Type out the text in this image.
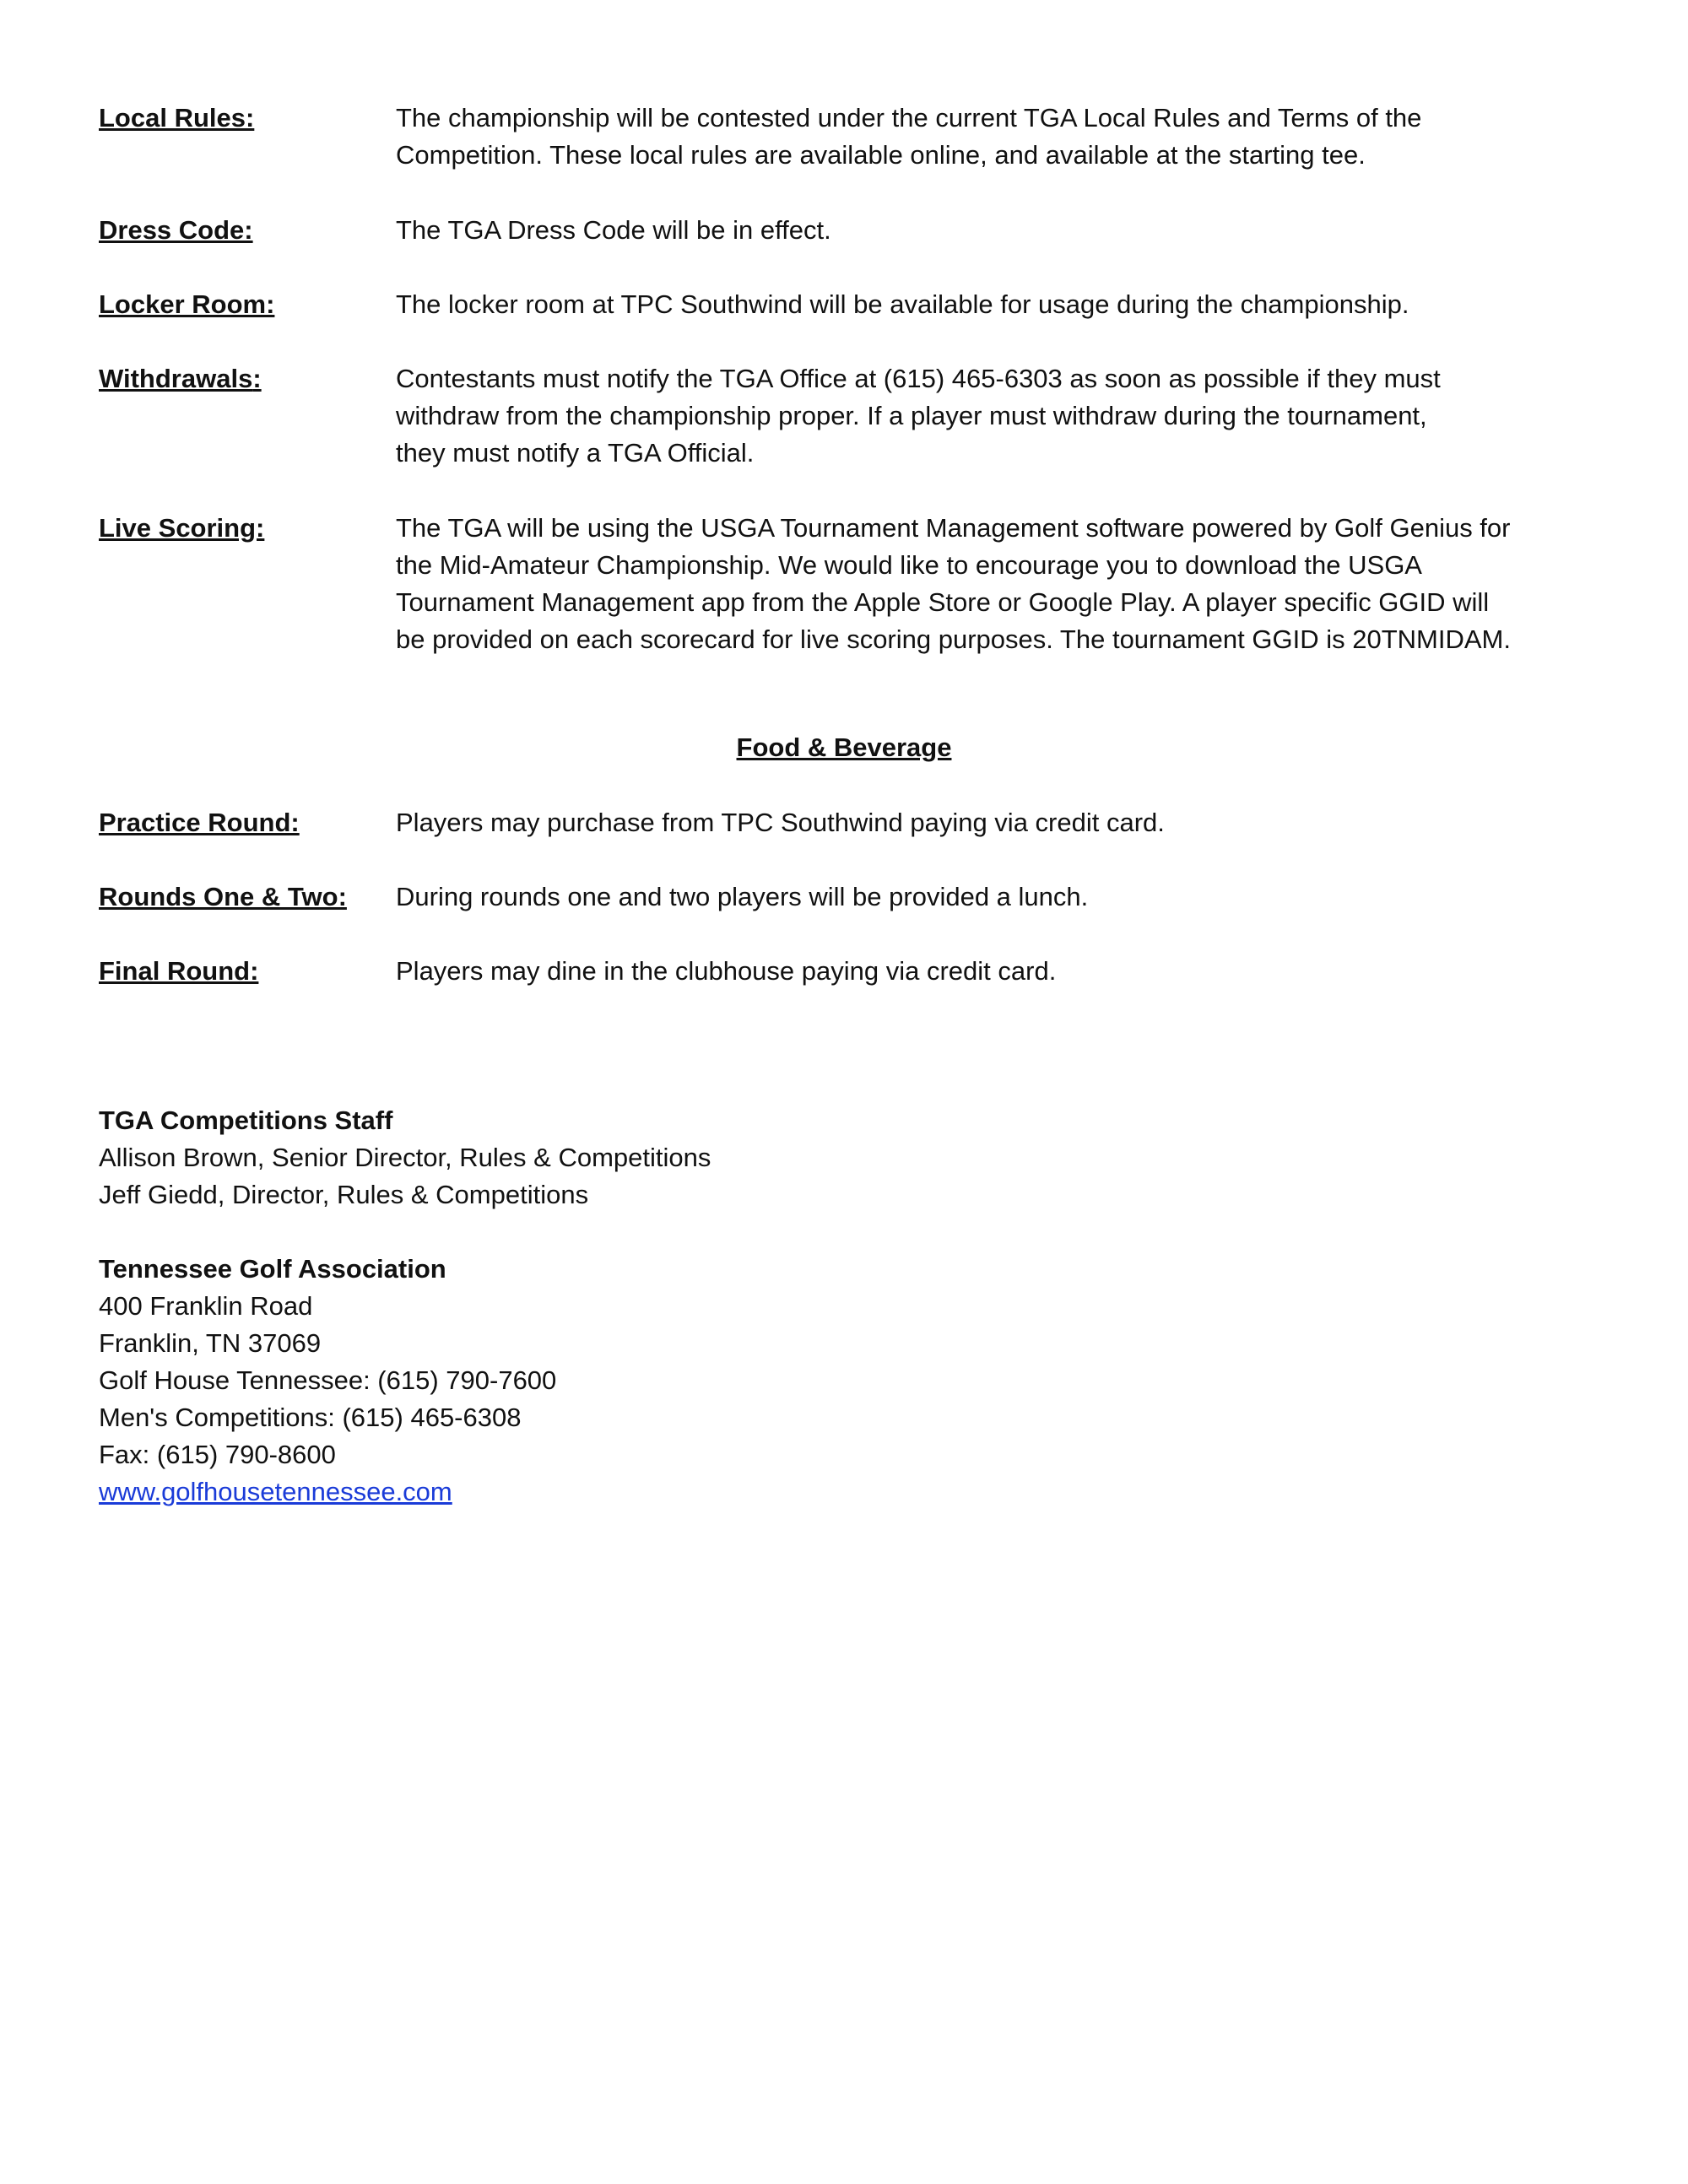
Local Rules:	The championship will be contested under the current TGA Local Rules and Terms of the

Competition. These local rules are available online, and available at the starting tee.

Dress Code:	The TGA Dress Code will be in effect.

Locker Room:	The locker room at TPC Southwind will be available for usage during the championship.

Withdrawals:	Contestants must notify the TGA Office at (615) 465-6303 as soon as possible if they must

withdraw from the championship proper. If a player must withdraw during the tournament,

they must notify a TGA Official.

Live Scoring:	The TGA will be using the USGA Tournament Management software powered by Golf Genius for

the Mid-Amateur Championship. We would like to encourage you to download the USGA

Tournament Management app from the Apple Store or Google Play. A player specific GGID will

be provided on each scorecard for live scoring purposes. The tournament GGID is 20TNMIDAM.

Food & Beverage
Practice Round:	Players may purchase from TPC Southwind paying via credit card.
Rounds One & Two: During rounds one and two players will be provided a lunch.
Final Round:	Players may dine in the clubhouse paying via credit card.
TGA Competitions Staff
Allison Brown, Senior Director, Rules & Competitions
Jeff Giedd, Director, Rules & Competitions
Tennessee Golf Association
400 Franklin Road
Franklin, TN 37069
Golf House Tennessee: (615) 790-7600
Men's Competitions: (615) 465-6308
Fax: (615) 790-8600
www.golfhousetennessee.com
